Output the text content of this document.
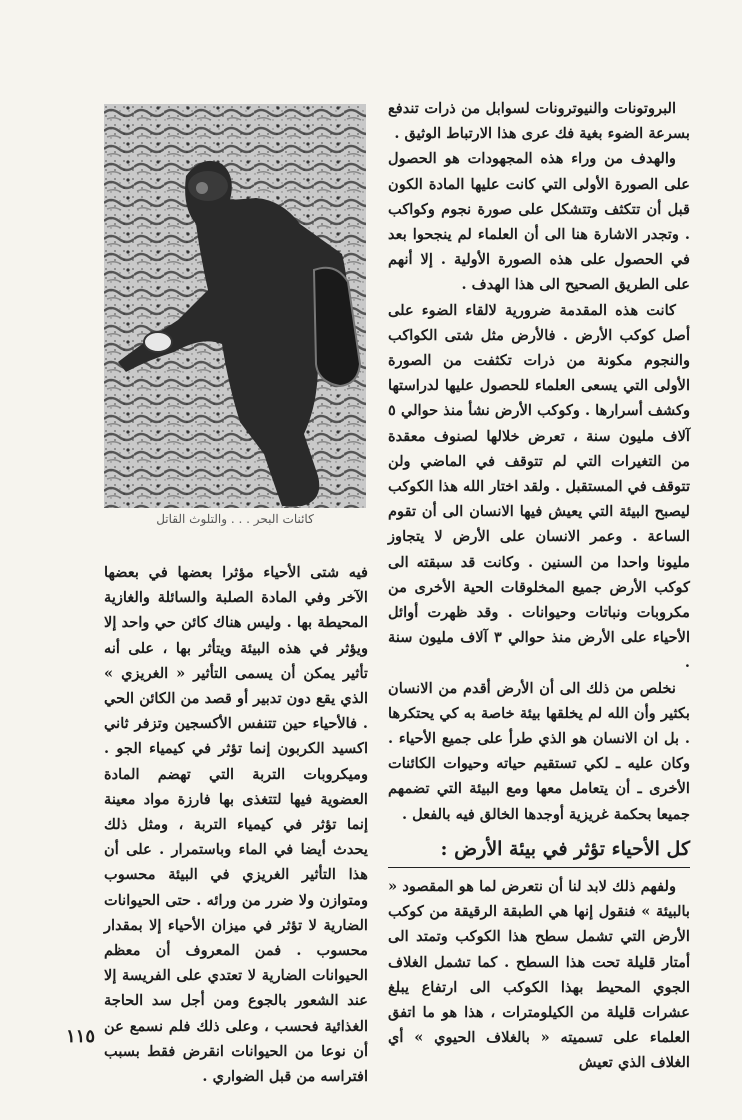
كائنات البحر . . . والتلوث القاتل

البروتونات والنيوترونات لسوابل من ذرات تندفع بسرعة الضوء بغية فك عرى هذا الارتباط الوثيق .

والهدف من وراء هذه المجهودات هو الحصول على الصورة الأولى التي كانت عليها المادة الكون قبل أن تتكثف وتتشكل على صورة نجوم وكواكب . وتجدر الاشارة هنا الى أن العلماء لم ينجحوا بعد في الحصول على هذه الصورة الأولية . إلا أنهم على الطريق الصحيح الى هذا الهدف .

كانت هذه المقدمة ضرورية لالقاء الضوء على أصل كوكب الأرض . فالأرض مثل شتى الكواكب والنجوم مكونة من ذرات تكثفت من الصورة الأولى التي يسعى العلماء للحصول عليها لدراستها وكشف أسرارها . وكوكب الأرض نشأ منذ حوالي ٥ آلاف مليون سنة ، تعرض خلالها لصنوف معقدة من التغيرات التي لم تتوقف في الماضي ولن تتوقف في المستقبل . ولقد اختار الله هذا الكوكب ليصبح البيئة التي يعيش فيها الانسان الى أن تقوم الساعة . وعمر الانسان على الأرض لا يتجاوز مليونا واحدا من السنين . وكانت قد سبقته الى كوكب الأرض جميع المخلوقات الحية الأخرى من مكروبات ونباتات وحيوانات . وقد ظهرت أوائل الأحياء على الأرض منذ حوالي ٣ آلاف مليون سنة .

نخلص من ذلك الى أن الأرض أقدم من الانسان بكثير وأن الله لم يخلقها بيئة خاصة به كي يحتكرها . بل ان الانسان هو الذي طرأ على جميع الأحياء . وكان عليه ـ لكي تستقيم حياته وحيوات الكائنات الأخرى ـ أن يتعامل معها ومع البيئة التي تضمهم جميعا بحكمة غريزية أوجدها الخالق فيه بالفعل .

كل الأحياء تؤثر في بيئة الأرض :

ولفهم ذلك لابد لنا أن نتعرض لما هو المقصود « بالبيئة » فنقول إنها هي الطبقة الرقيقة من كوكب الأرض التي تشمل سطح هذا الكوكب وتمتد الى أمتار قليلة تحت هذا السطح . كما تشمل الغلاف الجوي المحيط بهذا الكوكب الى ارتفاع يبلغ عشرات قليلة من الكيلومترات ، هذا هو ما اتفق العلماء على تسميته « بالغلاف الحيوي » أي الغلاف الذي تعيش

فيه شتى الأحياء مؤثرا بعضها في بعضها الآخر وفي المادة الصلبة والسائلة والغازية المحيطة بها . وليس هناك كائن حي واحد إلا ويؤثر في هذه البيئة ويتأثر بها ، على أنه تأثير يمكن أن يسمى التأثير « الغريزي » الذي يقع دون تدبير أو قصد من الكائن الحي . فالأحياء حين تتنفس الأكسجين وتزفر ثاني اكسيد الكربون إنما تؤثر في كيمياء الجو . وميكروبات التربة التي تهضم المادة العضوية فيها لتتغذى بها فارزة مواد معينة إنما تؤثر في كيمياء التربة ، ومثل ذلك يحدث أيضا في الماء وباستمرار . على أن هذا التأثير الغريزي في البيئة محسوب ومتوازن ولا ضرر من ورائه . حتى الحيوانات الضارية لا تؤثر في ميزان الأحياء إلا بمقدار محسوب . فمن المعروف أن معظم الحيوانات الضارية لا تعتدي على الفريسة إلا عند الشعور بالجوع ومن أجل سد الحاجة الغذائية فحسب ، وعلى ذلك فلم نسمع عن أن نوعا من الحيوانات انقرض فقط بسبب افتراسه من قبل الضواري .

١١٥
